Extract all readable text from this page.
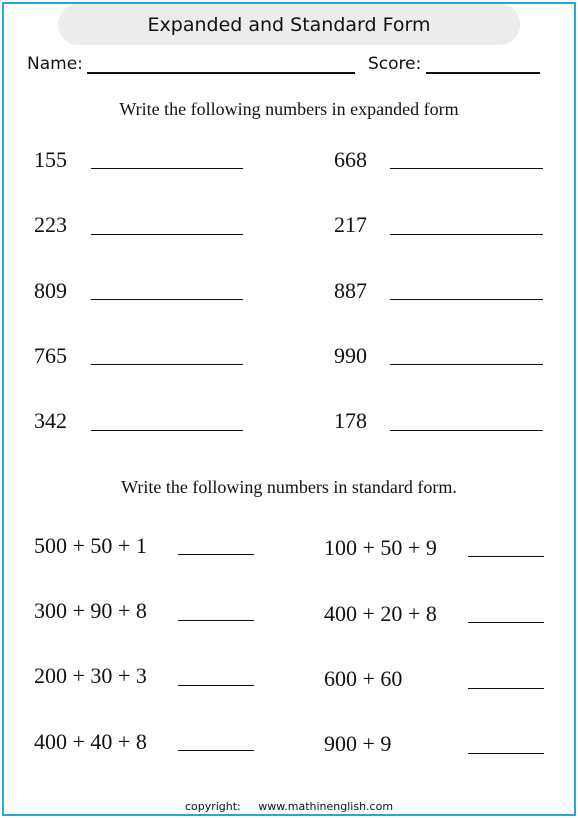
Expanded and Standard Form
Name:	Score:
Write the following numbers in expanded form
155
223
809
765
342
668
217
887
990
178
Write the following numbers in standard form.
500 + 50 + 1
300 + 90 + 8
200 + 30 + 3
400 + 40 + 8
100 + 50 + 9
400 + 20 + 8
600 + 60
900 + 9
copyright: www.mathinenglish.com
